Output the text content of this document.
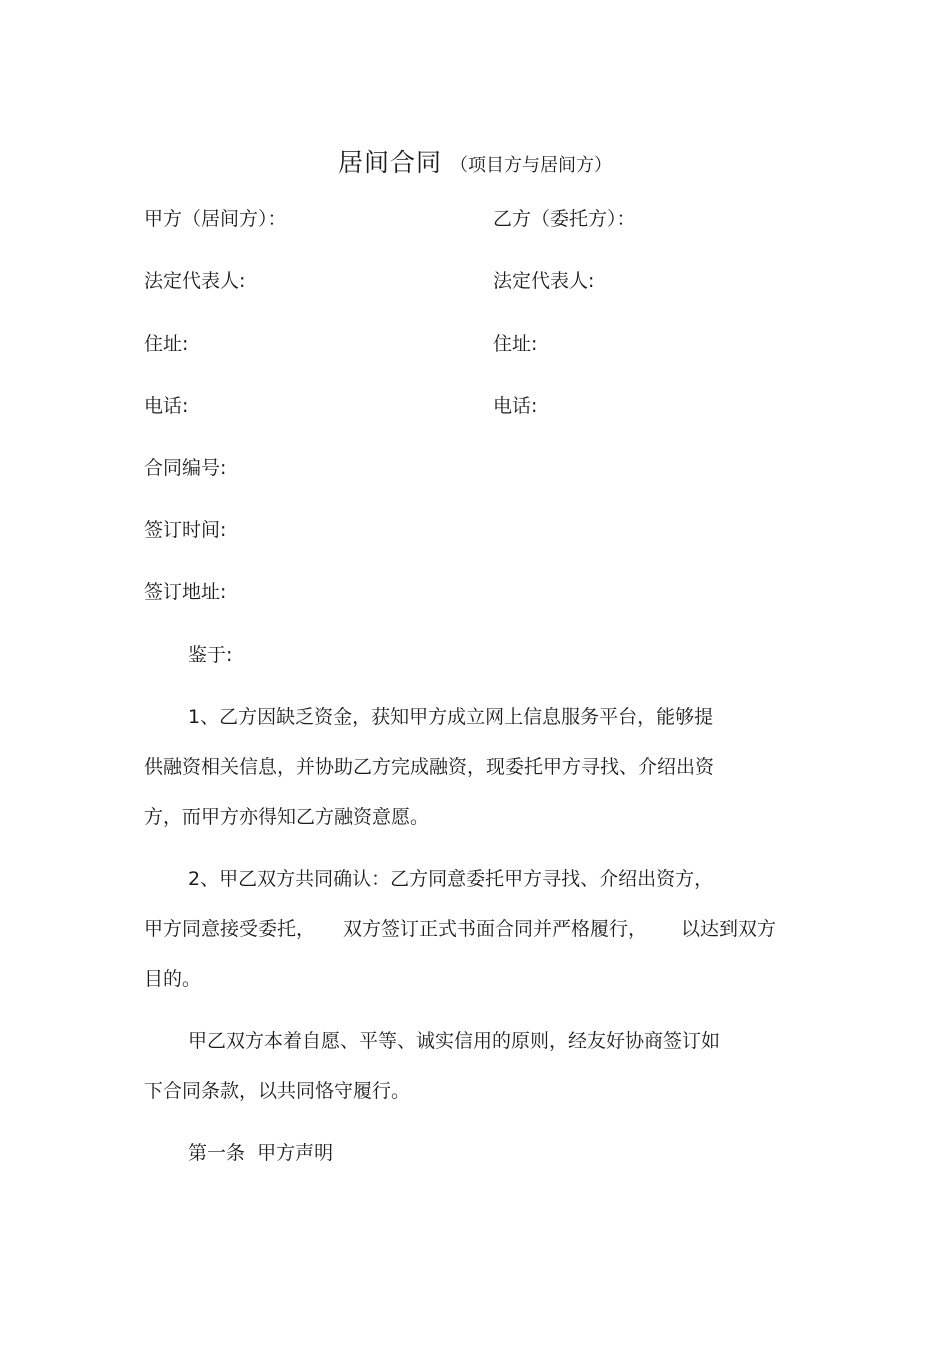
居间合同 （项目方与居间方）
甲方（居间方）：	乙方（委托方）：
法定代表人:	法定代表人:
住址:	住址:
电话:	电话:
合同编号:
签订时间:
签订地址:
鉴于:
1、乙方因缺乏资金，获知甲方成立网上信息服务平台，能够提
供融资相关信息，并协助乙方完成融资，现委托甲方寻找、介绍出资
方，而甲方亦得知乙方融资意愿。
2、甲乙双方共同确认：乙方同意委托甲方寻找、介绍出资方，
甲方同意接受委托， 双方签订正式书面合同并严格履行， 以达到双方
目的。
甲乙双方本着自愿、平等、诚实信用的原则，经友好协商签订如
下合同条款，以共同恪守履行。
第一条  甲方声明
